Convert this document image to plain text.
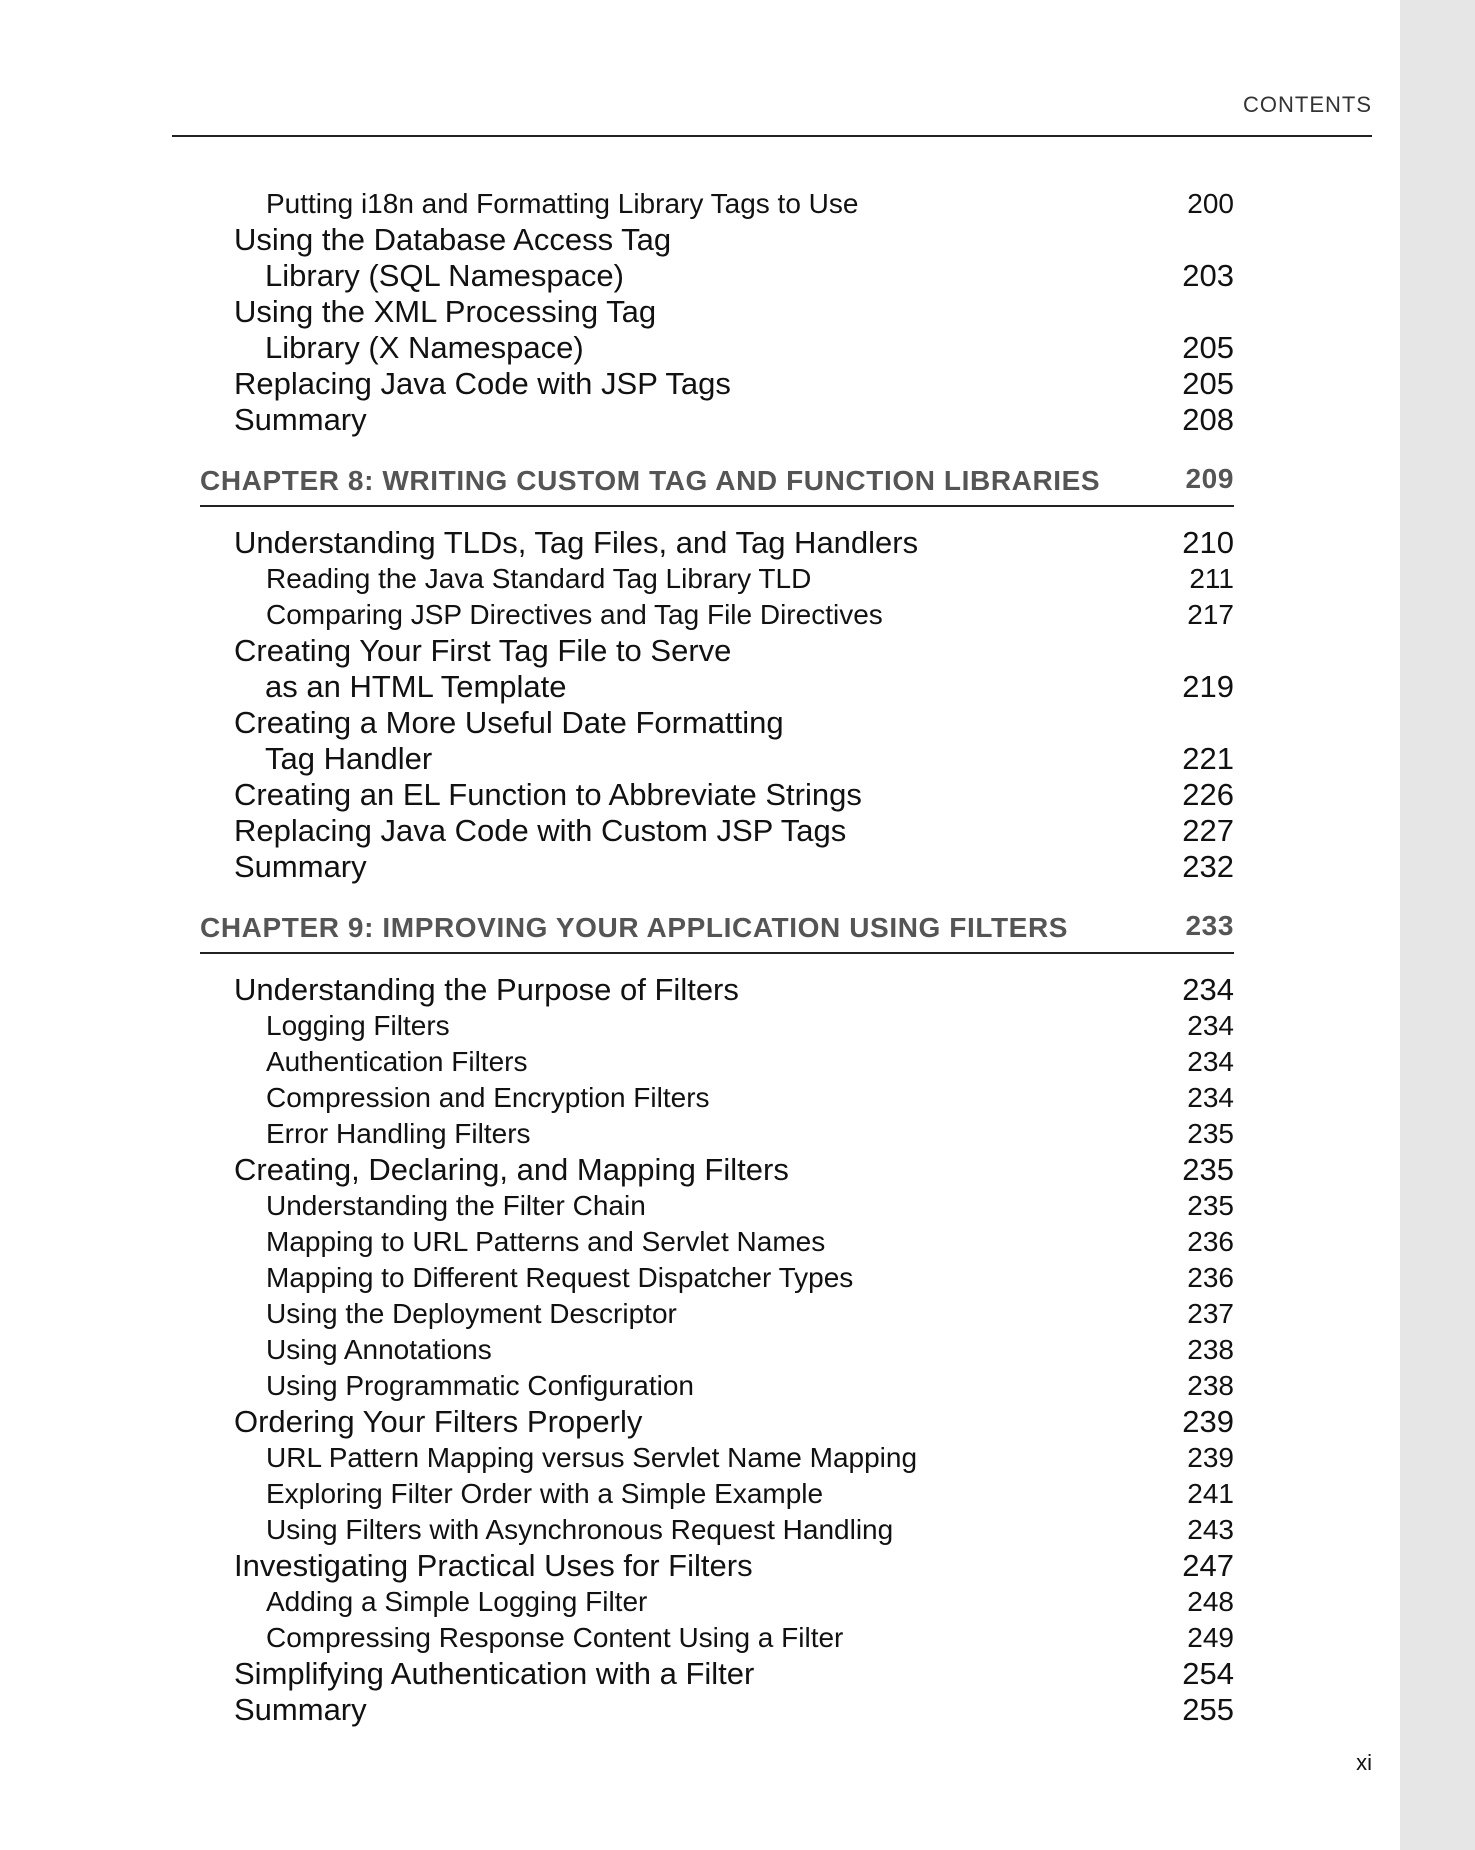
CONTENTS
Putting i18n and Formatting Library Tags to Use	200
Using the Database Access Tag
Library (SQL Namespace)	203
Using the XML Processing Tag
Library (X Namespace)	205
Replacing Java Code with JSP Tags	205
Summary	208
CHAPTER 8: WRITING CUSTOM TAG AND FUNCTION LIBRARIES	209
Understanding TLDs, Tag Files, and Tag Handlers	210
Reading the Java Standard Tag Library TLD	211
Comparing JSP Directives and Tag File Directives	217
Creating Your First Tag File to Serve
as an HTML Template	219
Creating a More Useful Date Formatting
Tag Handler	221
Creating an EL Function to Abbreviate Strings	226
Replacing Java Code with Custom JSP Tags	227
Summary	232
CHAPTER 9: IMPROVING YOUR APPLICATION USING FILTERS	233
Understanding the Purpose of Filters	234
Logging Filters	234
Authentication Filters	234
Compression and Encryption Filters	234
Error Handling Filters	235
Creating, Declaring, and Mapping Filters	235
Understanding the Filter Chain	235
Mapping to URL Patterns and Servlet Names	236
Mapping to Different Request Dispatcher Types	236
Using the Deployment Descriptor	237
Using Annotations	238
Using Programmatic Configuration	238
Ordering Your Filters Properly	239
URL Pattern Mapping versus Servlet Name Mapping	239
Exploring Filter Order with a Simple Example	241
Using Filters with Asynchronous Request Handling	243
Investigating Practical Uses for Filters	247
Adding a Simple Logging Filter	248
Compressing Response Content Using a Filter	249
Simplifying Authentication with a Filter	254
Summary	255
xi
